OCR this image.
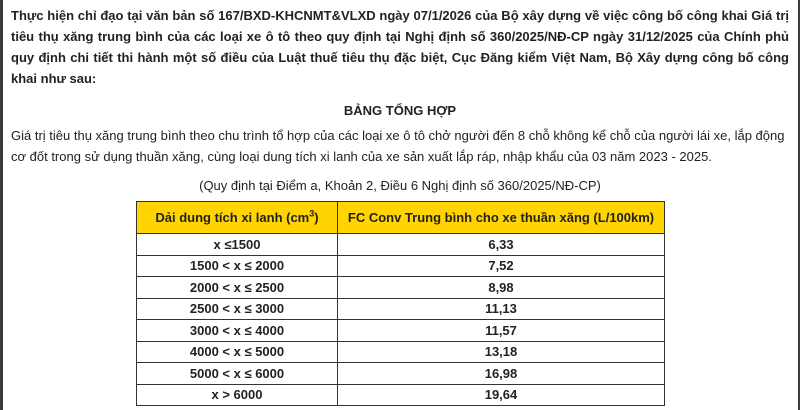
Thực hiện chỉ đạo tại văn bản số 167/BXD-KHCNMT&VLXD ngày 07/1/2026 của Bộ xây dựng về việc công bố công khai Giá trị tiêu thụ xăng trung bình của các loại xe ô tô theo quy định tại Nghị định số 360/2025/NĐ-CP ngày 31/12/2025 của Chính phủ quy định chi tiết thi hành một số điều của Luật thuế tiêu thụ đặc biệt, Cục Đăng kiểm Việt Nam, Bộ Xây dựng công bố công khai như sau:

BẢNG TỔNG HỢP

Giá trị tiêu thụ xăng trung bình theo chu trình tổ hợp của các loại xe ô tô chở người đến 8 chỗ không kể chỗ của người lái xe, lắp động cơ đốt trong sử dụng thuần xăng, cùng loại dung tích xi lanh của xe sản xuất lắp ráp, nhập khẩu của 03 năm 2023 - 2025.

(Quy định tại Điểm a, Khoản 2, Điều 6 Nghị định số 360/2025/NĐ-CP)
Dải dung tích xi lanh $(cm^3)$	FC Conv Trung bình cho xe thuần xăng (L/100km)
x ≤1500	6,33
1500 < x ≤ 2000	7,52
2000 < x ≤ 2500	8,98
2500 < x ≤ 3000	11,13
3000 < x ≤ 4000	11,57
4000 < x ≤ 5000	13,18
5000 < x ≤ 6000	16,98
x > 6000	19,64
